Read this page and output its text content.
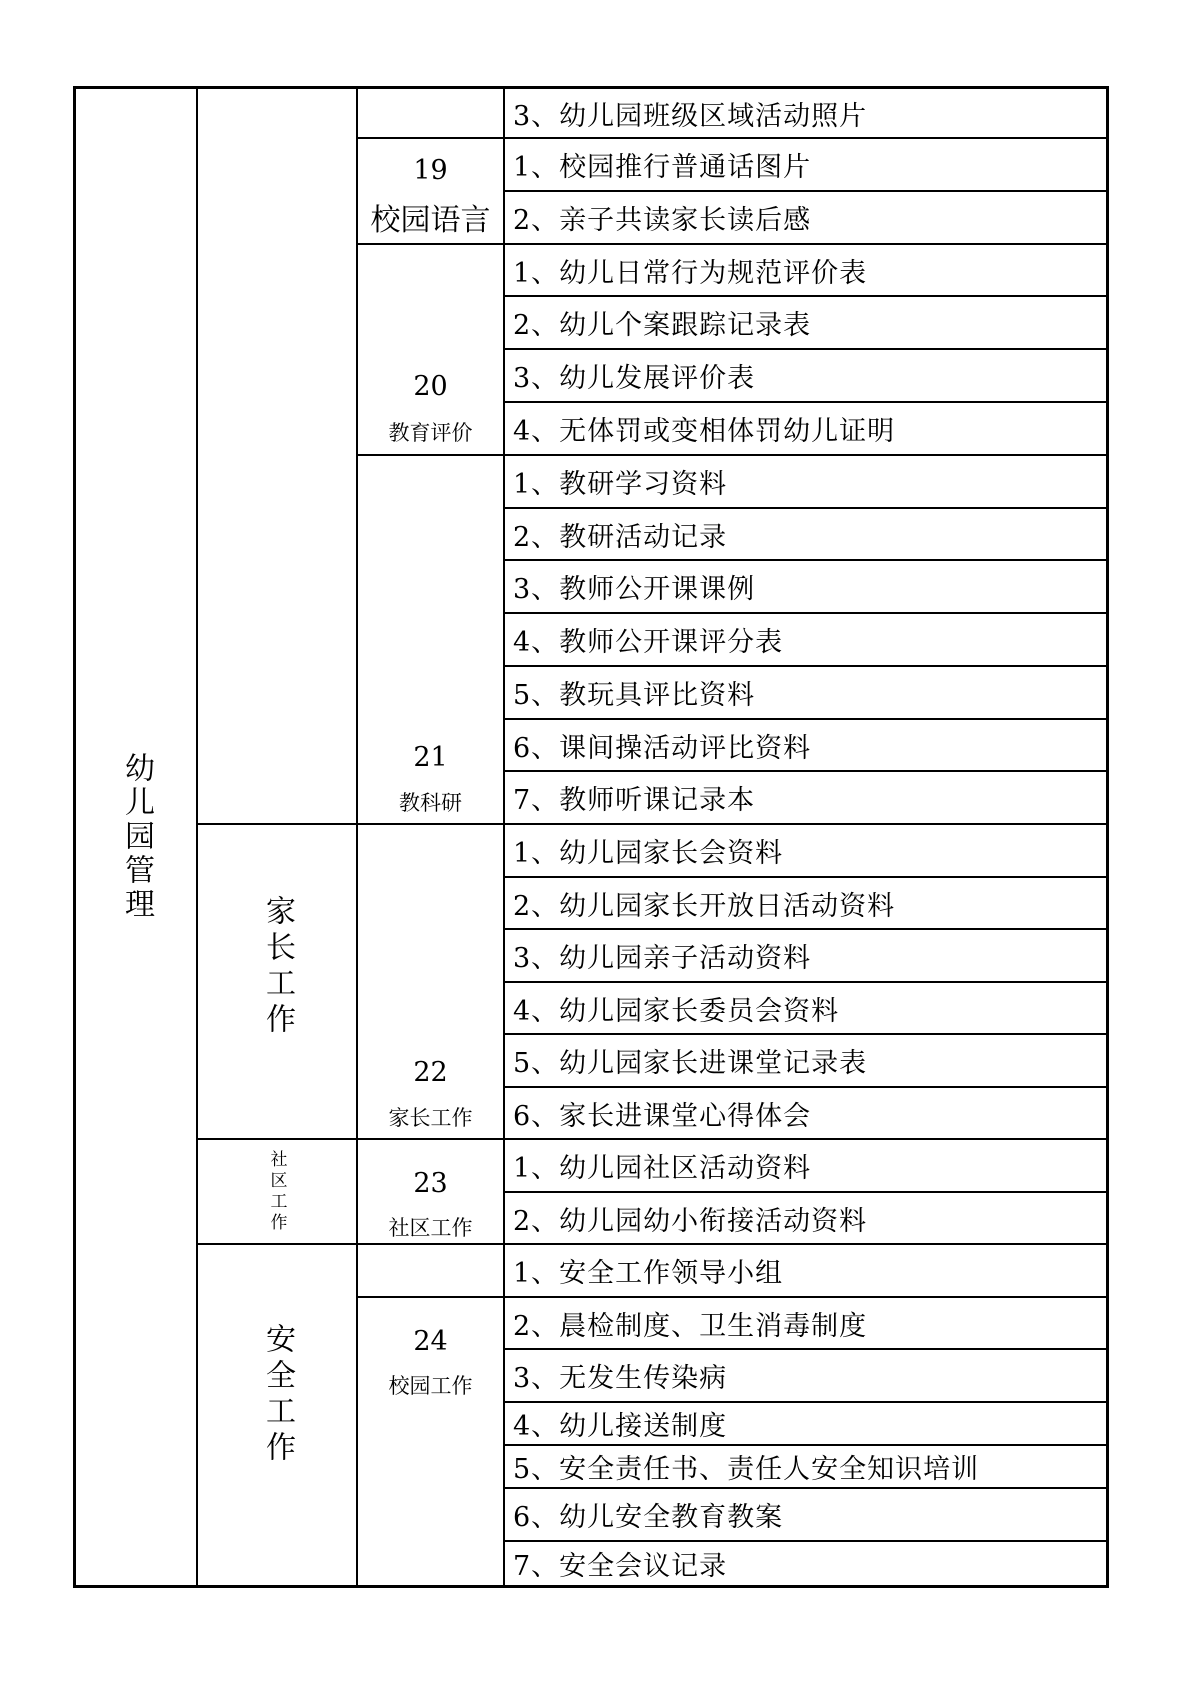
幼儿园管理
家长工作
社区工作
安全工作
19
校园语言
20
教育评价
21
教科研
22
家长工作
23
社区工作
24
校园工作
3、幼儿园班级区域活动照片
1、校园推行普通话图片
2、亲子共读家长读后感
1、幼儿日常行为规范评价表
2、幼儿个案跟踪记录表
3、幼儿发展评价表
4、无体罚或变相体罚幼儿证明
1、教研学习资料
2、教研活动记录
3、教师公开课课例
4、教师公开课评分表
5、教玩具评比资料
6、课间操活动评比资料
7、教师听课记录本
1、幼儿园家长会资料
2、幼儿园家长开放日活动资料
3、幼儿园亲子活动资料
4、幼儿园家长委员会资料
5、幼儿园家长进课堂记录表
6、家长进课堂心得体会
1、幼儿园社区活动资料
2、幼儿园幼小衔接活动资料
1、安全工作领导小组
2、晨检制度、卫生消毒制度
3、无发生传染病
4、幼儿接送制度
5、安全责任书、责任人安全知识培训
6、幼儿安全教育教案
7、安全会议记录
